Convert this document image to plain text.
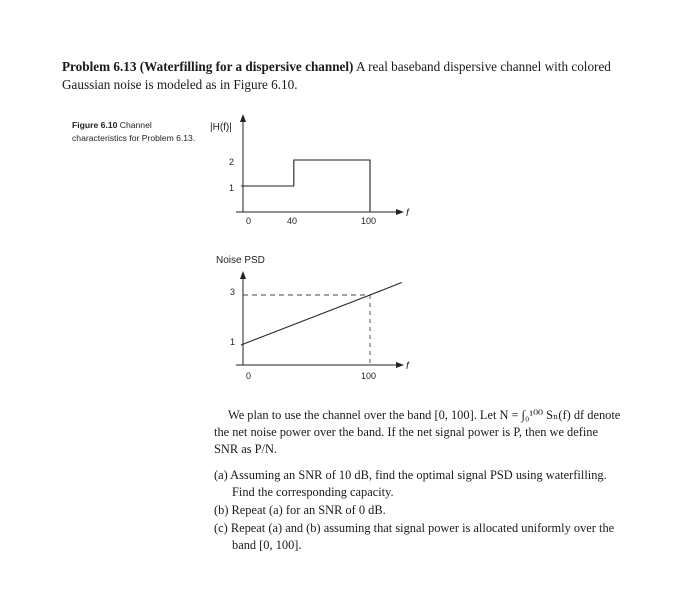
Problem 6.13 (Waterfilling for a dispersive channel) A real baseband dispersive channel with colored Gaussian noise is modeled as in Figure 6.10.
Figure 6.10 Channel characteristics for Problem 6.13.
|H(f)|
f
1
2
0	40	100
Noise PSD
f
1
3
0	100

We plan to use the channel over the band [0, 100]. Let N = ∫₀¹⁰⁰ Sₙ(f) df denote the net noise power over the band. If the net signal power is P, then we define SNR as P/N.

(a) Assuming an SNR of 10 dB, find the optimal signal PSD using waterfilling. Find the corresponding capacity.
(b) Repeat (a) for an SNR of 0 dB.
(c) Repeat (a) and (b) assuming that signal power is allocated uniformly over the band [0, 100].
